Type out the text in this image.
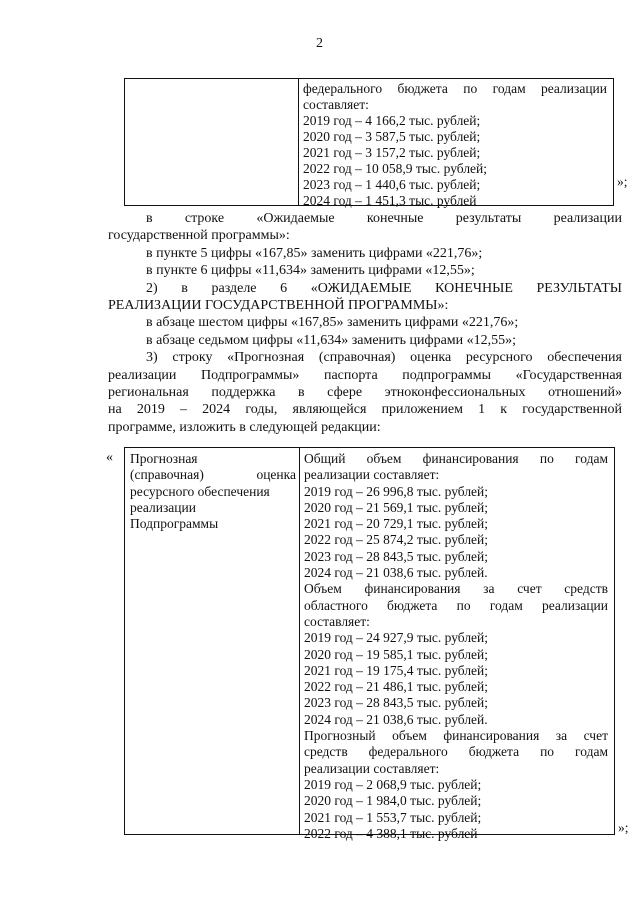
2
федерального бюджета по годам реализации
составляет:
2019 год – 4 166,2 тыс. рублей;
2020 год – 3 587,5 тыс. рублей;
2021 год – 3 157,2 тыс. рублей;
2022 год – 10 058,9 тыс. рублей;
2023 год – 1 440,6 тыс. рублей;
2024 год – 1 451,3 тыс. рублей
»;
в строке «Ожидаемые конечные результаты реализации
государственной программы»:
в пункте 5 цифры «167,85» заменить цифрами «221,76»;
в пункте 6 цифры «11,634» заменить цифрами «12,55»;
2) в разделе 6 «ОЖИДАЕМЫЕ КОНЕЧНЫЕ РЕЗУЛЬТАТЫ
РЕАЛИЗАЦИИ ГОСУДАРСТВЕННОЙ ПРОГРАММЫ»:
в абзаце шестом цифры «167,85» заменить цифрами «221,76»;
в абзаце седьмом цифры «11,634» заменить цифрами «12,55»;
3) строку «Прогнозная (справочная) оценка ресурсного обеспечения
реализации Подпрограммы» паспорта подпрограммы «Государственная
региональная поддержка в сфере этноконфессиональных отношений»
на 2019 – 2024 годы, являющейся приложением 1 к государственной
программе, изложить в следующей редакции:
« Прогнозная
(справочная) оценка
ресурсного обеспечения
реализации
Подпрограммы
Общий объем финансирования по годам
реализации составляет:
2019 год – 26 996,8 тыс. рублей;
2020 год – 21 569,1 тыс. рублей;
2021 год – 20 729,1 тыс. рублей;
2022 год – 25 874,2 тыс. рублей;
2023 год – 28 843,5 тыс. рублей;
2024 год – 21 038,6 тыс. рублей.
Объем финансирования за счет средств
областного бюджета по годам реализации
составляет:
2019 год – 24 927,9 тыс. рублей;
2020 год – 19 585,1 тыс. рублей;
2021 год – 19 175,4 тыс. рублей;
2022 год – 21 486,1 тыс. рублей;
2023 год – 28 843,5 тыс. рублей;
2024 год – 21 038,6 тыс. рублей.
Прогнозный объем финансирования за счет
средств федерального бюджета по годам
реализации составляет:
2019 год – 2 068,9 тыс. рублей;
2020 год – 1 984,0 тыс. рублей;
2021 год – 1 553,7 тыс. рублей;
2022 год – 4 388,1 тыс. рублей	»;
